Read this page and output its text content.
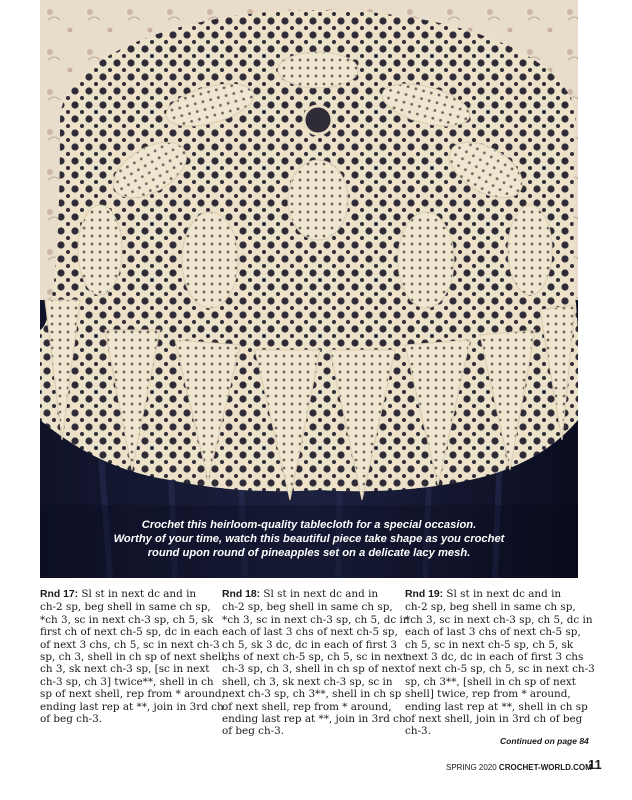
Crochet this heirloom-quality tablecloth for a special occasion.
Worthy of your time, watch this beautiful piece take shape as you crochet
round upon round of pineapples set on a delicate lacy mesh.
Rnd 17: Sl st in next dc and in
ch-2 sp, beg shell in same ch sp,
*ch 3, sc in next ch-3 sp, ch 5, sk
first ch of next ch-5 sp, dc in each
of next 3 chs, ch 5, sc in next ch-3
sp, ch 3, shell in ch sp of next shell,
ch 3, sk next ch-3 sp, [sc in next
ch-3 sp, ch 3] twice**, shell in ch
sp of next shell, rep from * around,
ending last rep at **, join in 3rd ch
of beg ch-3.
Rnd 18: Sl st in next dc and in
ch-2 sp, beg shell in same ch sp,
*ch 3, sc in next ch-3 sp, ch 5, dc in
each of last 3 chs of next ch-5 sp,
ch 5, sk 3 dc, dc in each of first 3
chs of next ch-5 sp, ch 5, sc in next
ch-3 sp, ch 3, shell in ch sp of next
shell, ch 3, sk next ch-3 sp, sc in
next ch-3 sp, ch 3**, shell in ch sp
of next shell, rep from * around,
ending last rep at **, join in 3rd ch
of beg ch-3.
Rnd 19: Sl st in next dc and in
ch-2 sp, beg shell in same ch sp,
*ch 3, sc in next ch-3 sp, ch 5, dc in
each of last 3 chs of next ch-5 sp,
ch 5, sc in next ch-5 sp, ch 5, sk
next 3 dc, dc in each of first 3 chs
of next ch-5 sp, ch 5, sc in next ch-3
sp, ch 3**, [shell in ch sp of next
shell] twice, rep from * around,
ending last rep at **, shell in ch sp
of next shell, join in 3rd ch of beg
ch-3.
Continued on page 84
SPRING 2020 CROCHET-WORLD.COM
11
